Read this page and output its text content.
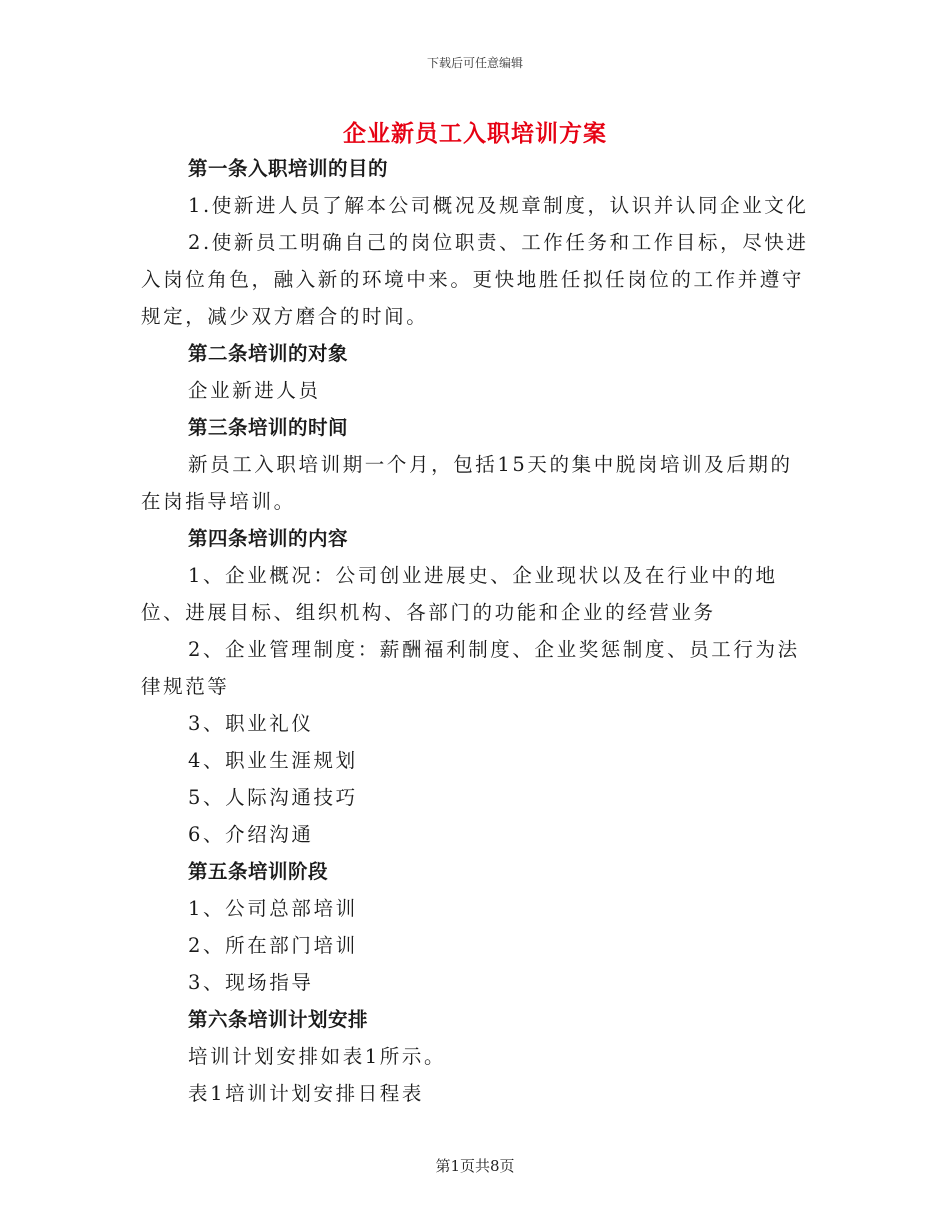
下载后可任意编辑
企业新员工入职培训方案

第一条入职培训的目的

1.使新进人员了解本公司概况及规章制度，认识并认同企业文化

2.使新员工明确自己的岗位职责、工作任务和工作目标，尽快进入岗位角色，融入新的环境中来。更快地胜任拟任岗位的工作并遵守规定，减少双方磨合的时间。

第二条培训的对象

企业新进人员

第三条培训的时间

新员工入职培训期一个月，包括15天的集中脱岗培训及后期的在岗指导培训。

第四条培训的内容

1、企业概况：公司创业进展史、企业现状以及在行业中的地位、进展目标、组织机构、各部门的功能和企业的经营业务

2、企业管理制度：薪酬福利制度、企业奖惩制度、员工行为法律规范等

3、职业礼仪

4、职业生涯规划

5、人际沟通技巧

6、介绍沟通

第五条培训阶段

1、公司总部培训

2、所在部门培训

3、现场指导

第六条培训计划安排

培训计划安排如表1所示。

表1培训计划安排日程表

第1页共8页
